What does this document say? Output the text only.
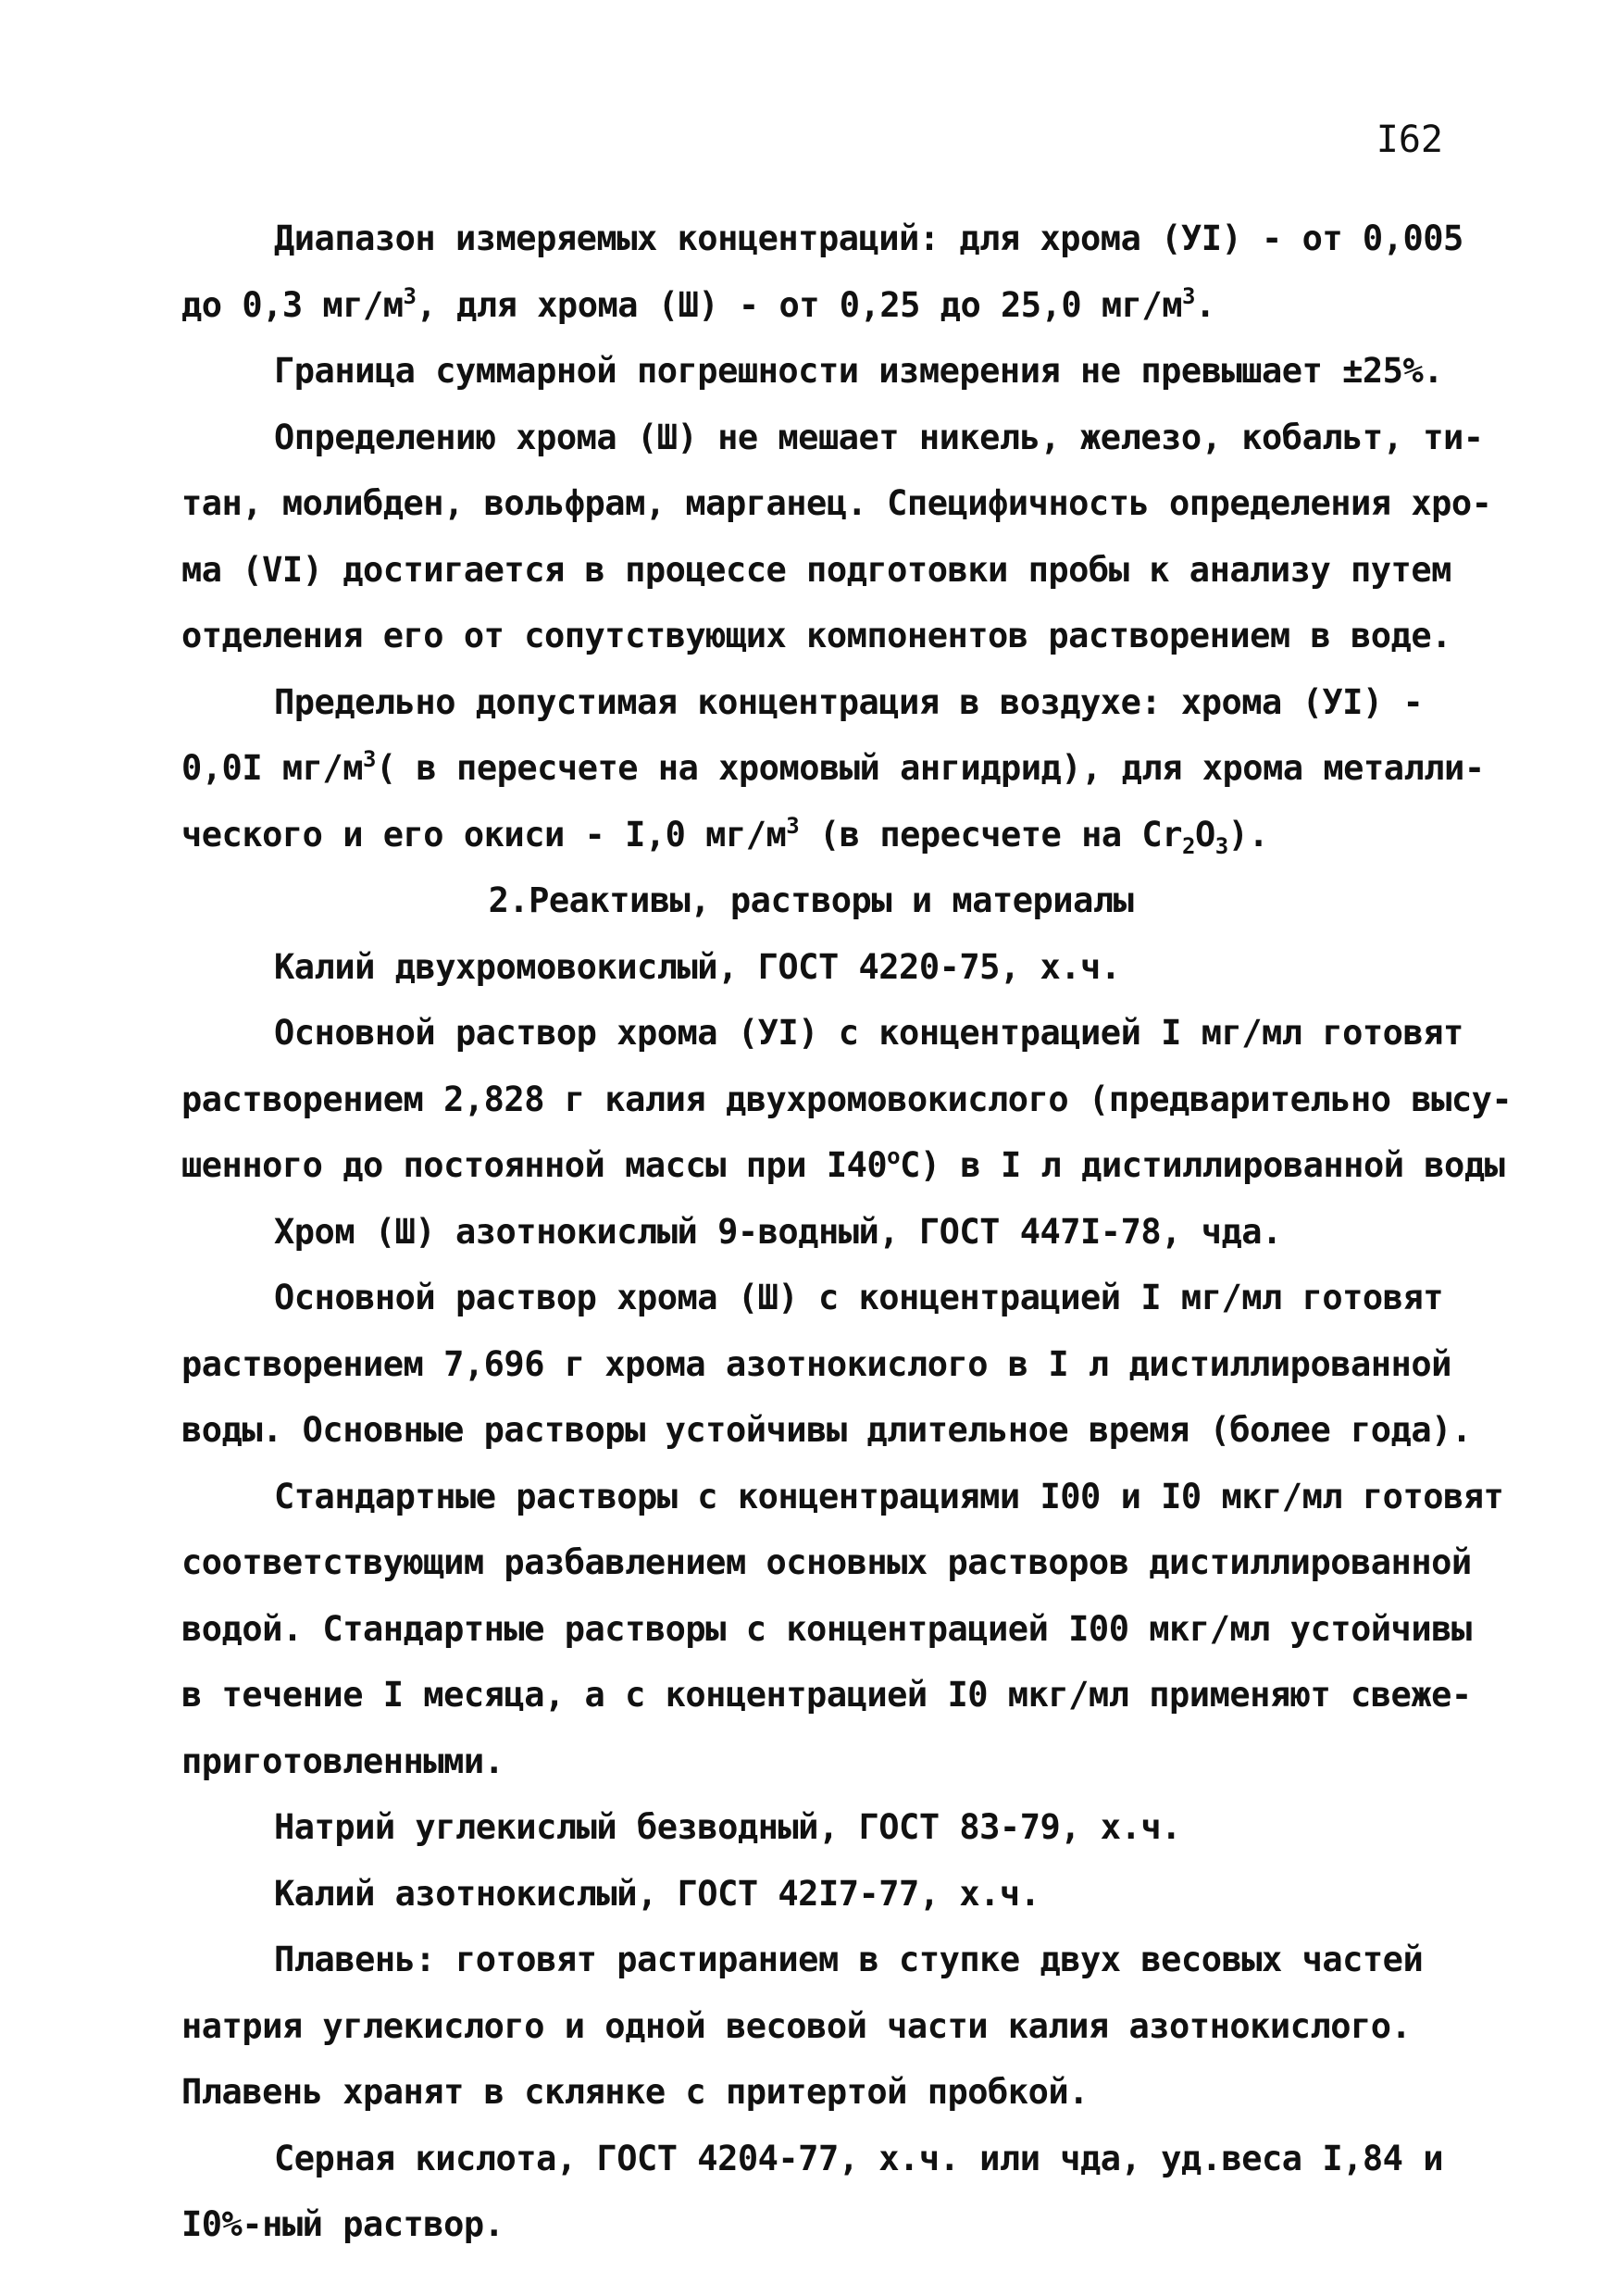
I62
Диапазон измеряемых концентраций: для хрома (УI) - от 0,005
до 0,3 $мг/м^3$, для хрома (Ш) - от 0,25 до 25,0 $мг/м^3$.
Граница суммарной погрешности измерения не превышает ±25%.
Определению хрома (Ш) не мешает никель, железо, кобальт, ти-
тан, молибден, вольфрам, марганец. Специфичность определения хро-
ма (VI) достигается в процессе подготовки пробы к анализу путем
отделения его от сопутствующих компонентов растворением в воде.
Предельно допустимая концентрация в воздухе: хрома (УI) -
0,0I $мг/м^3$( в пересчете на хромовый ангидрид), для хрома металли-
ческого и его окиси - I,0 $мг/м^3$ (в пересчете на $Cr_2O_3$).
2.Реактивы, растворы и материалы
Калий двухромовокислый, ГОСТ 4220-75, х.ч.
Основной раствор хрома (УI) с концентрацией I мг/мл готовят
растворением 2,828 г калия двухромовокислого (предварительно высу-
шенного до постоянной массы при $I40^оС$) в I л дистиллированной воды
Хром (Ш) азотнокислый 9-водный, ГОСТ 447I-78, чда.
Основной раствор хрома (Ш) с концентрацией I мг/мл готовят
растворением 7,696 г хрома азотнокислого в I л дистиллированной
воды. Основные растворы устойчивы длительное время (более года).
Стандартные растворы с концентрациями I00 и I0 мкг/мл готовят
соответствующим разбавлением основных растворов дистиллированной
водой. Стандартные растворы с концентрацией I00 мкг/мл устойчивы
в течение I месяца, а с концентрацией I0 мкг/мл применяют свеже-
приготовленными.
Натрий углекислый безводный, ГОСТ 83-79, х.ч.
Калий азотнокислый, ГОСТ 42I7-77, х.ч.
Плавень: готовят растиранием в ступке двух весовых частей
натрия углекислого и одной весовой части калия азотнокислого.
Плавень хранят в склянке с притертой пробкой.
Серная кислота, ГОСТ 4204-77, х.ч. или чда, уд.веса I,84 и
I0%-ный раствор.
